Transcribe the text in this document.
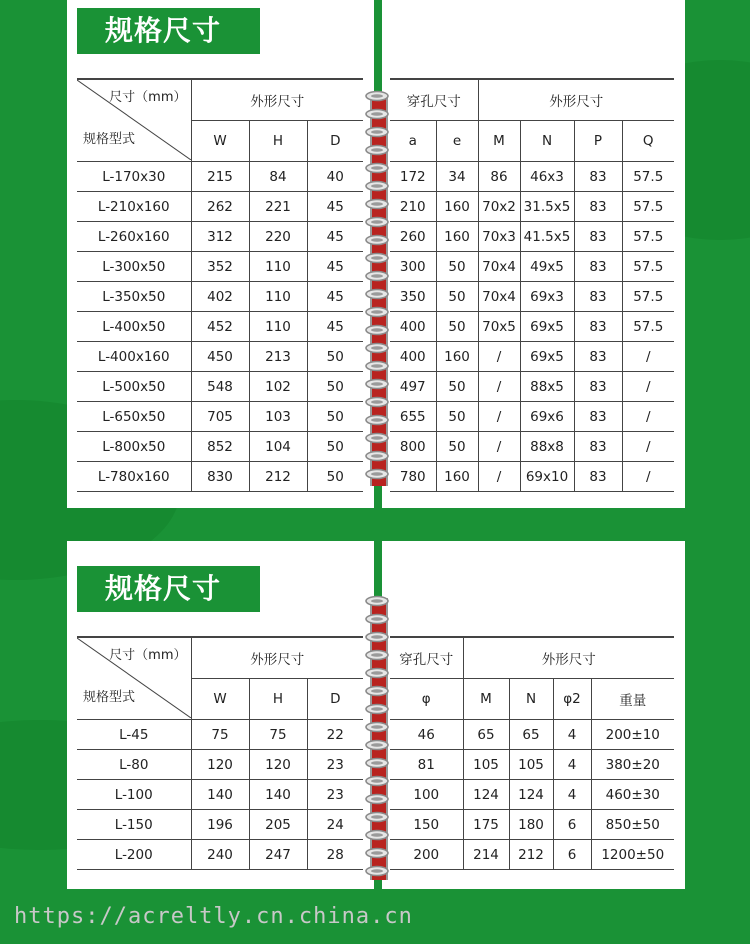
规格尺寸
尺寸（mm）
规格型式	外形尺寸		
	W	H	D
L-170x30	215	84	40
L-210x160	262	221	45
L-260x160	312	220	45
L-300x50	352	110	45
L-350x50	402	110	45
L-400x50	452	110	45
L-400x160	450	213	50
L-500x50	548	102	50
L-650x50	705	103	50
L-800x50	852	104	50
L-780x160	830	212	50
穿孔尺寸		外形尺寸			
a	e	M	N	P	Q
172	34	86	46x3	83	57.5
210	160	70x2	31.5x5	83	57.5
260	160	70x3	41.5x5	83	57.5
300	50	70x4	49x5	83	57.5
350	50	70x4	69x3	83	57.5
400	50	70x5	69x5	83	57.5
400	160	/	69x5	83	/
497	50	/	88x5	83	/
655	50	/	69x6	83	/
800	50	/	88x8	83	/
780	160	/	69x10	83	/
规格尺寸
尺寸（mm）
规格型式	外形尺寸		
	W	H	D
L-45	75	75	22
L-80	120	120	23
L-100	140	140	23
L-150	196	205	24
L-200	240	247	28
穿孔尺寸	外形尺寸			
φ	M	N	φ2	重量
46	65	65	4	200±10
81	105	105	4	380±20
100	124	124	4	460±30
150	175	180	6	850±50
200	214	212	6	1200±50
https://acreltly.cn.china.cn
